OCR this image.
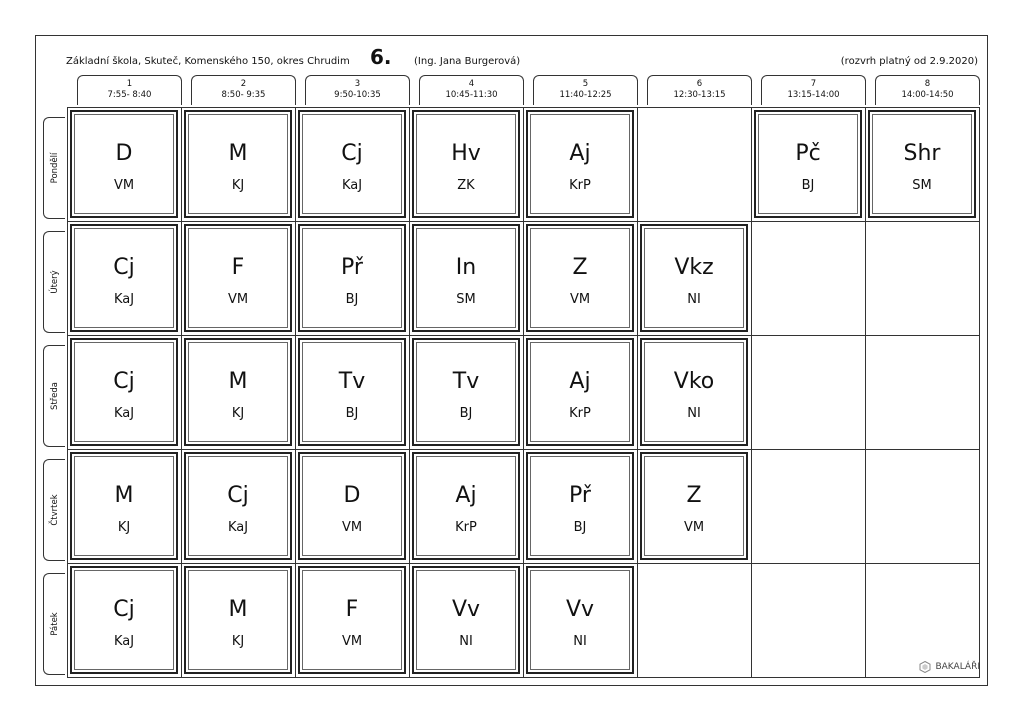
Základní škola, Skuteč, Komenského 150, okres Chrudim 6. (Ing. Jana Burgerová)	(rozvrh platný od 2.9.2020)
1
7:55- 8:40
2
8:50- 9:35
3
9:50-10:35
4
10:45-11:30
5
11:40-12:25
6
12:30-13:15
7
13:15-14:00
8
14:00-14:50
Pondělí
Úterý
Středa
Čtvrtek
Pátek
D
VM
M
KJ
Cj
KaJ
Hv
ZK
Aj
KrP
Pč
BJ
Shr
SM
Cj
KaJ
F
VM
Př
BJ
In
SM
Z
VM
Vkz
NI
Cj
KaJ
M
KJ
Tv
BJ
Tv
BJ
Aj
KrP
Vko
NI
M
KJ
Cj
KaJ
D
VM
Aj
KrP
Př
BJ
Z
VM
Cj
KaJ
M
KJ
F
VM
Vv
NI
Vv
NI
BAKALÁŘI
